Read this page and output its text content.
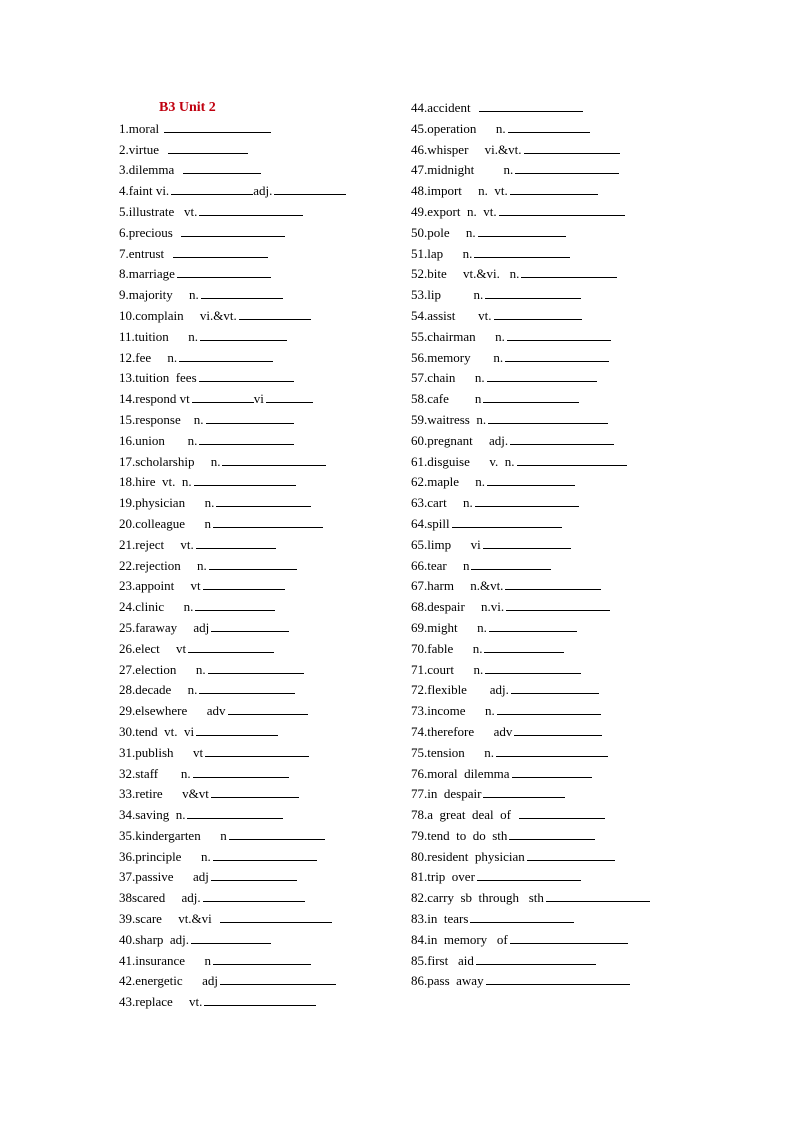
B3 Unit 2
1.moral
2.virtue
3.dilemma
4.faint vi.	adj.
5.illustrate   vt.
6.precious
7.entrust
8.marriage
9.majority     n.
10.complain     vi.&vt.
11.tuition      n.
12.fee     n.
13.tuition  fees
14.respond vt	vi
15.response    n.
16.union       n.
17.scholarship     n.
18.hire  vt.  n.
19.physician      n.
20.colleague      n
21.reject     vt.
22.rejection     n.
23.appoint     vt
24.clinic      n.
25.faraway     adj
26.elect     vt
27.election      n.
28.decade     n.
29.elsewhere      adv
30.tend  vt.  vi
31.publish      vt
32.staff       n.
33.retire      v&vt
34.saving  n.
35.kindergarten      n
36.principle      n.
37.passive      adj
38scared     adj.
39.scare     vt.&vi
40.sharp  adj.
41.insurance      n
42.energetic      adj
43.replace     vt.
44.accident
45.operation      n.
46.whisper     vi.&vt.
47.midnight         n.
48.import     n.  vt.
49.export  n.  vt.
50.pole     n.
51.lap      n.
52.bite     vt.&vi.   n.
53.lip          n.
54.assist       vt.
55.chairman      n.
56.memory       n.
57.chain      n.
58.cafe        n
59.waitress  n.
60.pregnant     adj.
61.disguise      v.  n.
62.maple     n.
63.cart     n.
64.spill
65.limp      vi
66.tear     n
67.harm     n.&vt.
68.despair     n.vi.
69.might      n.
70.fable      n.
71.court      n.
72.flexible       adj.
73.income      n.
74.therefore      adv
75.tension      n.
76.moral  dilemma
77.in  despair
78.a  great  deal  of
79.tend  to  do  sth
80.resident  physician
81.trip  over
82.carry  sb  through   sth
83.in  tears
84.in  memory   of
85.first   aid
86.pass  away
